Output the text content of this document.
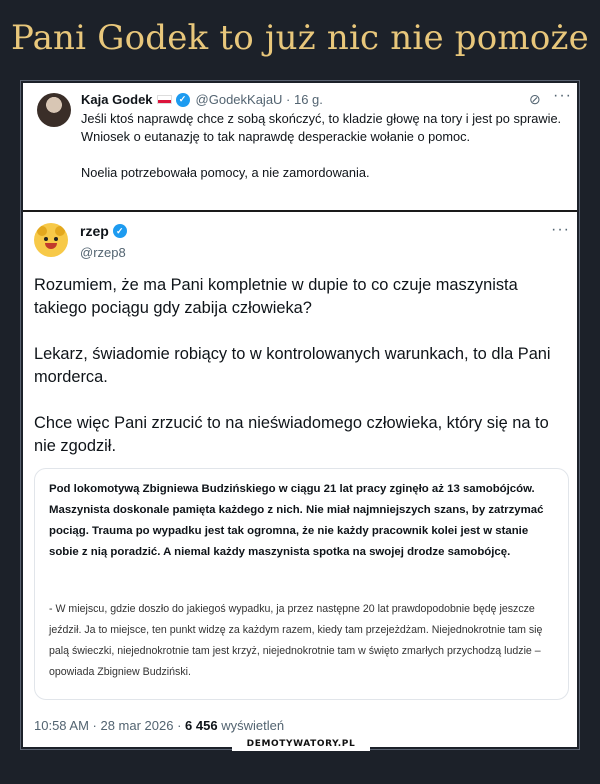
Pani Godek to już nic nie pomoże
Kaja Godek	✓ @GodekKajaU · 16 g.	⊘ ···

Jeśli ktoś naprawdę chce z sobą skończyć, to kladzie głowę na tory i jest po sprawie. Wniosek o eutanazję to tak naprawdę desperackie wołanie o pomoc.

Noelia potrzebowała pomocy, a nie zamordowania.

rzep ✓
@rzep8
···

Rozumiem, że ma Pani kompletnie w dupie to co czuje maszynista takiego pociągu gdy zabija człowieka?

Lekarz, świadomie robiący to w kontrolowanych warunkach, to dla Pani morderca.

Chce więc Pani zrzucić to na nieświadomego człowieka, który się na to nie zgodził.

Pod lokomotywą Zbigniewa Budzińskiego w ciągu 21 lat pracy zginęło aż 13 samobójców. Maszynista doskonale pamięta każdego z nich. Nie miał najmniejszych szans, by zatrzymać pociąg. Trauma po wypadku jest tak ogromna, że nie każdy pracownik kolei jest w stanie sobie z nią poradzić. A niemal każdy maszynista spotka na swojej drodze samobójcę.
- W miejscu, gdzie doszło do jakiegoś wypadku, ja przez następne 20 lat prawdopodobnie będę jeszcze jeździł. Ja to miejsce, ten punkt widzę za każdym razem, kiedy tam przejeżdżam. Niejednokrotnie tam się palą świeczki, niejednokrotnie tam jest krzyż, niejednokrotnie tam w święto zmarłych przychodzą ludzie – opowiada Zbigniew Budziński.
10:58 AM · 28 mar 2026 · 6 456 wyświetleń
DEMOTYWATORY.PL
